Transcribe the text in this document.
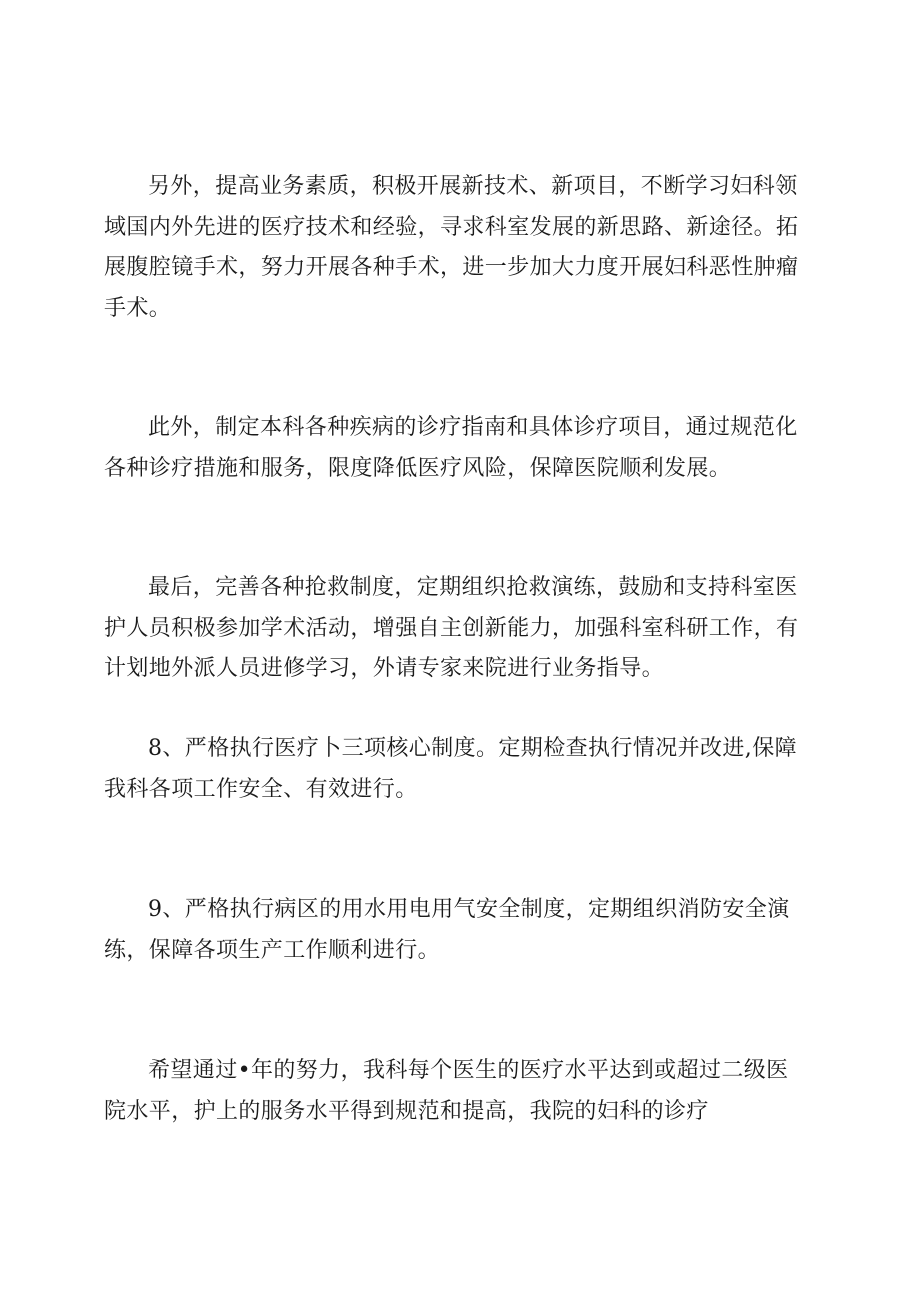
另外，提高业务素质，积极开展新技术、新项目，不断学习妇科领
域国内外先进的医疗技术和经验，寻求科室发展的新思路、新途径。拓
展腹腔镜手术，努力开展各种手术，进一步加大力度开展妇科恶性肿瘤
手术。
此外，制定本科各种疾病的诊疗指南和具体诊疗项目，通过规范化
各种诊疗措施和服务，限度降低医疗风险，保障医院顺利发展。
最后，完善各种抢救制度，定期组织抢救演练，鼓励和支持科室医
护人员积极参加学术活动，增强自主创新能力，加强科室科研工作，有
计划地外派人员进修学习，外请专家来院进行业务指导。
8、严格执行医疗卜三项核心制度。定期检查执行情况并改进,保障
我科各项工作安全、有效进行。
9、严格执行病区的用水用电用气安全制度，定期组织消防安全演
练，保障各项生产工作顺利进行。
希望通过•年的努力，我科每个医生的医疗水平达到或超过二级医
院水平，护上的服务水平得到规范和提高，我院的妇科的诊疗
